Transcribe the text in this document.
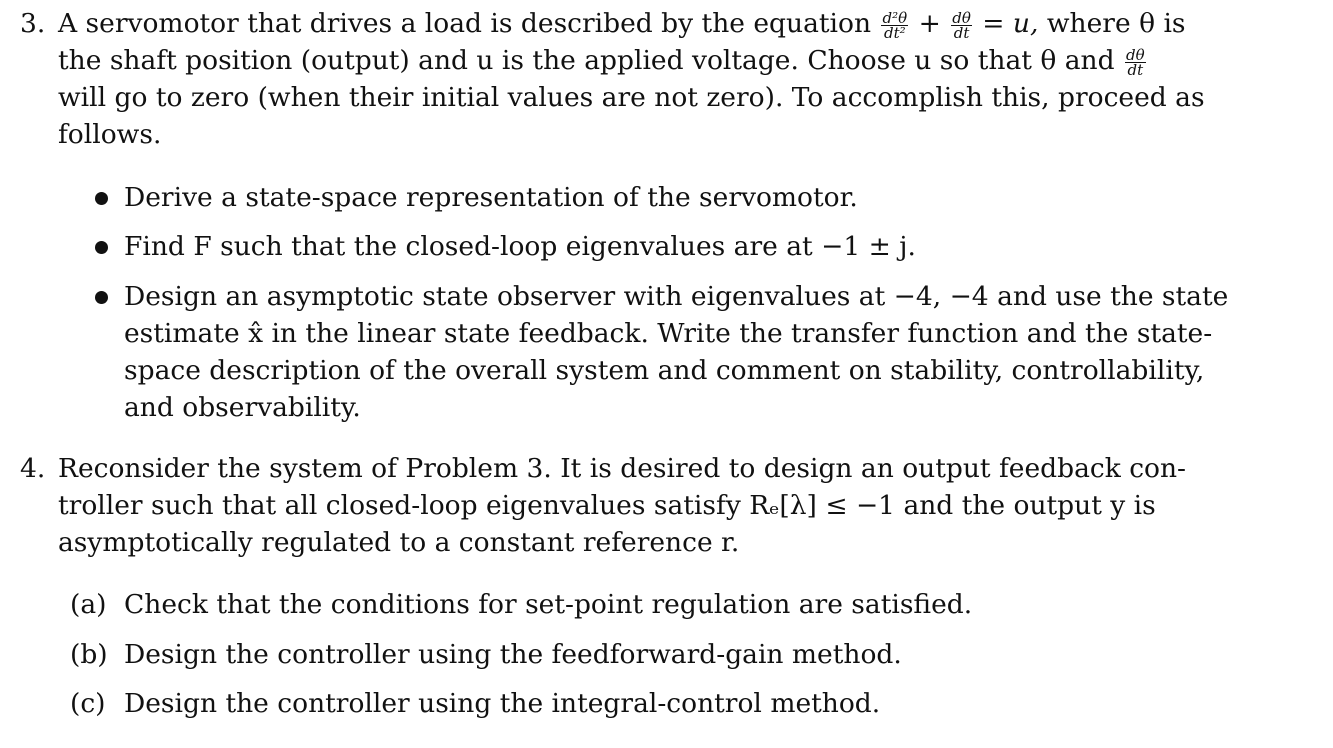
3. A servomotor that drives a load is described by the equation $\frac{\text{d²θ}}{\text{dt²}} + \frac{d\theta}{dt} = u$, where θ is
the shaft position (output) and u is the applied voltage. Choose u so that θ and $\frac{d\theta}{dt}$
will go to zero (when their initial values are not zero). To accomplish this, proceed as
follows.
Derive a state-space representation of the servomotor.
Find F such that the closed-loop eigenvalues are at −1 ± j.
Design an asymptotic state observer with eigenvalues at −4, −4 and use the state
estimate x̂ in the linear state feedback. Write the transfer function and the state-
space description of the overall system and comment on stability, controllability,
and observability.
4. Reconsider the system of Problem 3. It is desired to design an output feedback con-
troller such that all closed-loop eigenvalues satisfy Rₑ[λ] ≤ −1 and the output y is
asymptotically regulated to a constant reference r.
(a) Check that the conditions for set-point regulation are satisfied.
(b) Design the controller using the feedforward-gain method.
(c) Design the controller using the integral-control method.
